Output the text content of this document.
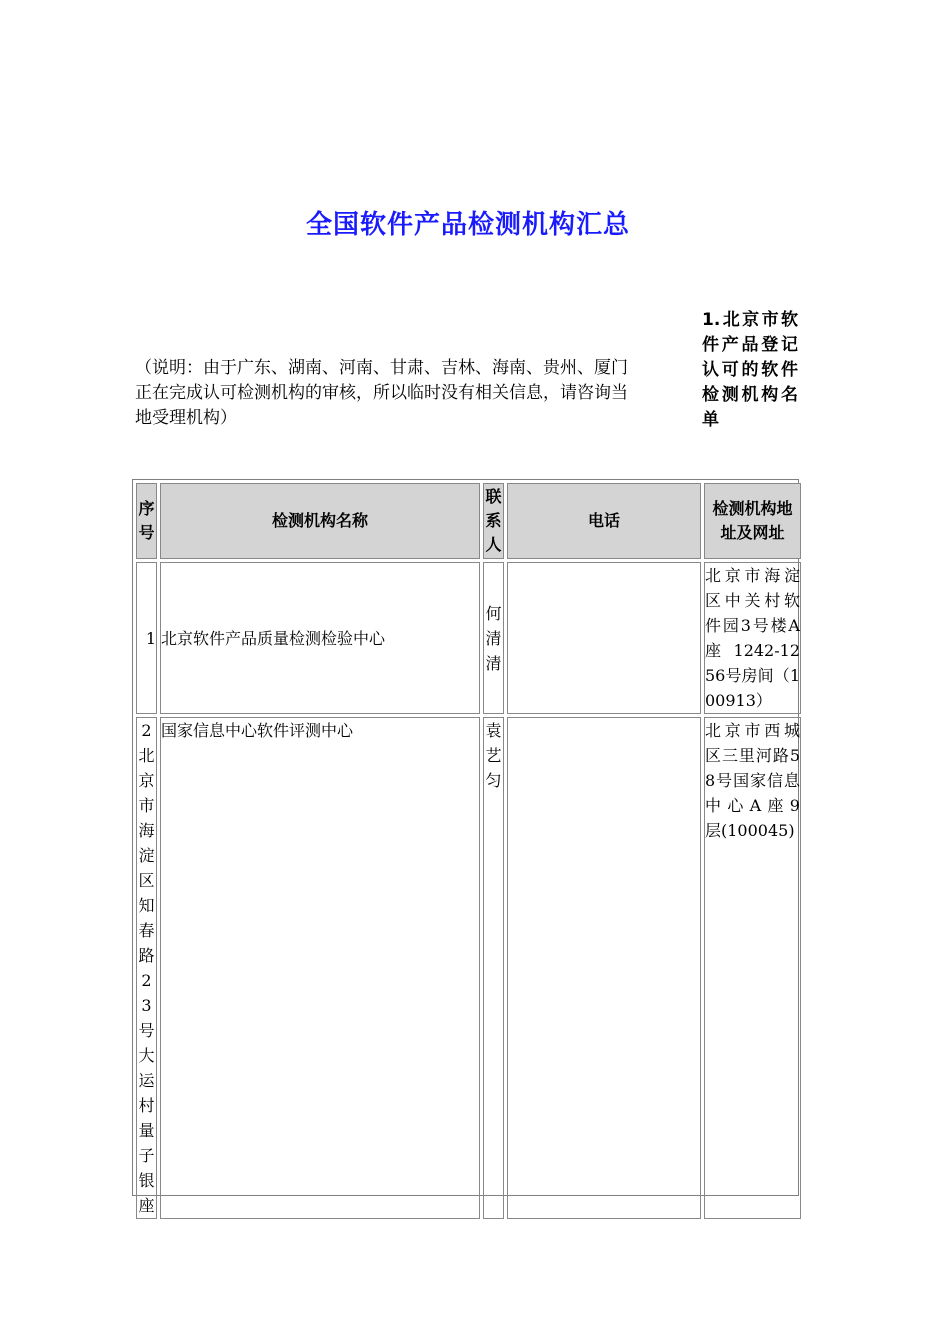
全国软件产品检测机构汇总
（说明：由于广东、湖南、河南、甘肃、吉林、海南、贵州、厦门
正在完成认可检测机构的审核，所以临时没有相关信息，请咨询当
地受理机构）
1.北京市软件产品登记认可的软件检测机构名单
序号	检测机构名称	联系人	电话	检测机构地址及网址
1	北京软件产品质量检测检验中心	何清清		北京市海淀区中关村软件园3号楼A座 1242-1256号房间（100913）
2北京市海淀区知春路23号大运村量子银座	国家信息中心软件评测中心	袁艺匀		北京市西城区三里河路58号国家信息中心A座9　　层(100045)
